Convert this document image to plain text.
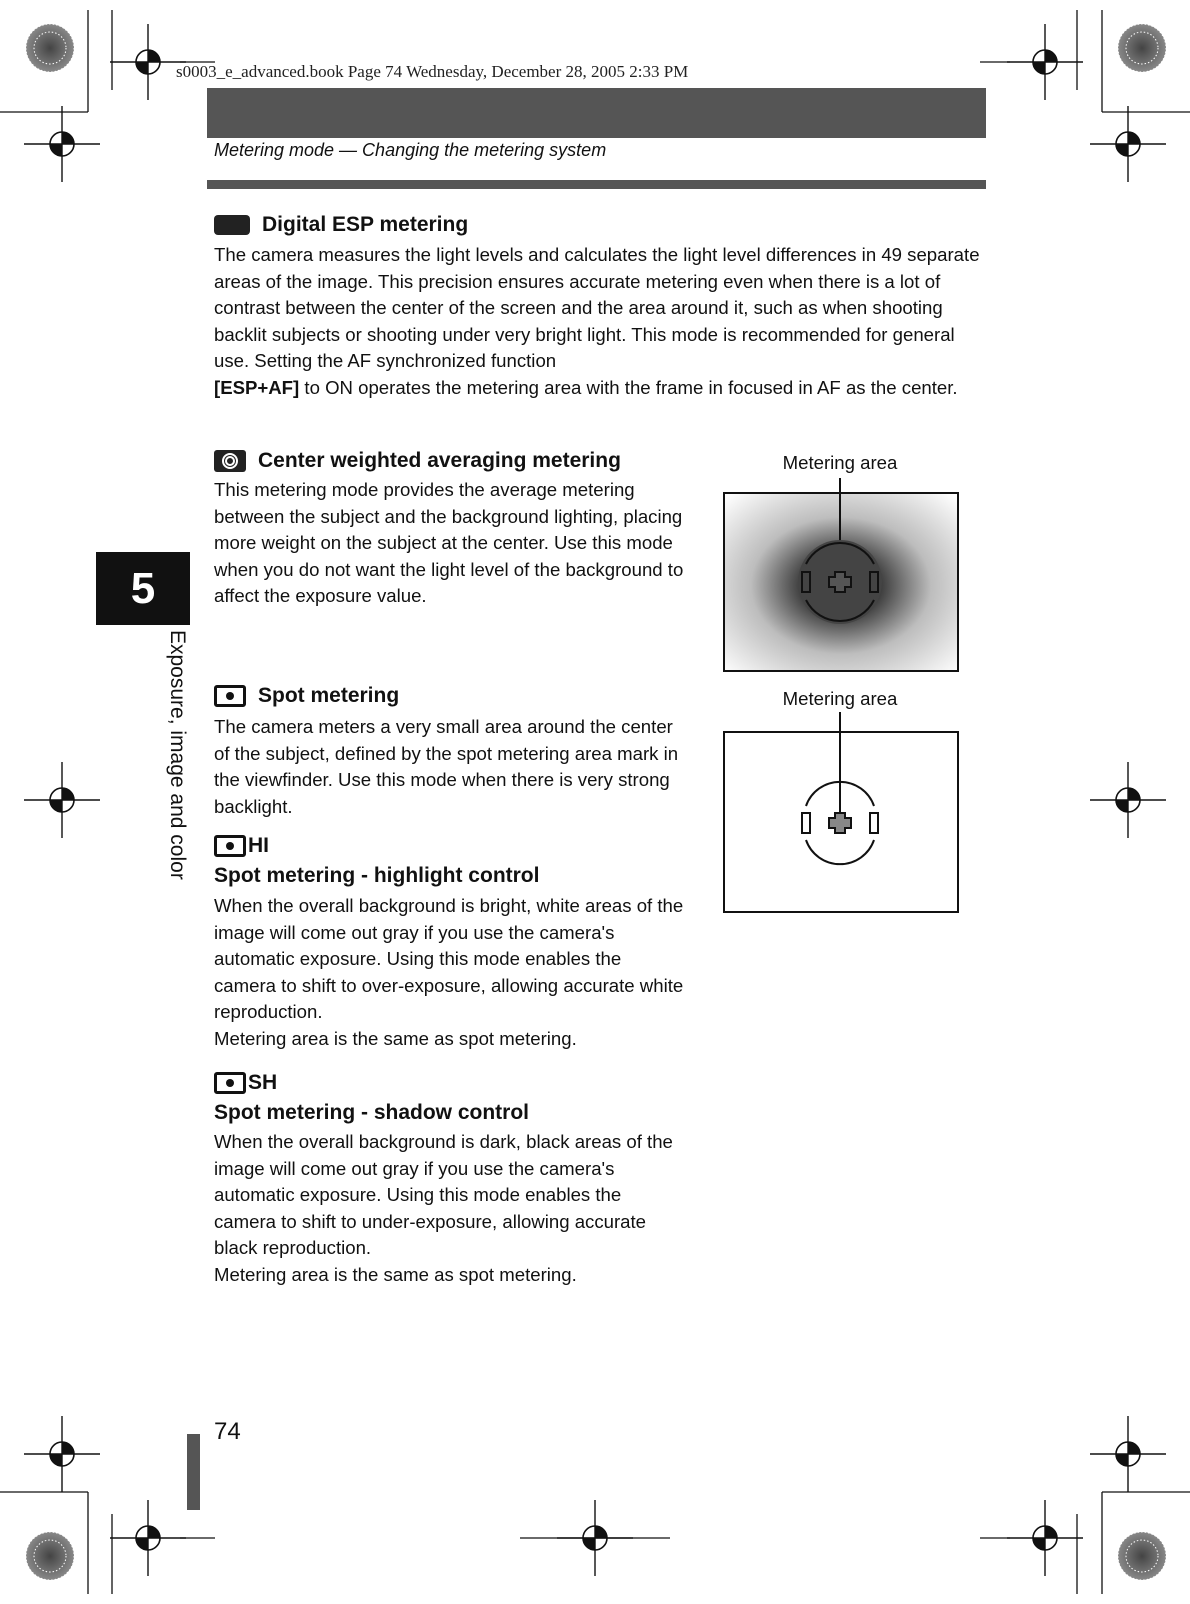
s0003_e_advanced.book Page 74 Wednesday, December 28, 2005 2:33 PM
Metering mode — Changing the metering system
Digital ESP metering
The camera measures the light levels and calculates the light level differences in 49 separate areas of the image. This precision ensures accurate metering even when there is a lot of contrast between the center of the screen and the area around it, such as when shooting backlit subjects or shooting under very bright light. This mode is recommended for general use. Setting the AF synchronized function
[ESP+AF] to ON operates the metering area with the frame in focused in AF as the center.
Center weighted averaging metering
This metering mode provides the average metering between the subject and the background lighting, placing more weight on the subject at the center. Use this mode when you do not want the light level of the background to affect the exposure value.
Metering area
5
Exposure, image and color	Spot metering
The camera meters a very small area around the center of the subject, defined by the spot metering area mark in the viewfinder. Use this mode when there is very strong backlight.
Metering area
HI
Spot metering - highlight control
When the overall background is bright, white areas of the image will come out gray if you use the camera's automatic exposure. Using this mode enables the camera to shift to over-exposure, allowing accurate white reproduction.
Metering area is the same as spot metering.
SH
Spot metering - shadow control
When the overall background is dark, black areas of the image will come out gray if you use the camera's automatic exposure. Using this mode enables the camera to shift to under-exposure, allowing accurate black reproduction.
Metering area is the same as spot metering.
74
